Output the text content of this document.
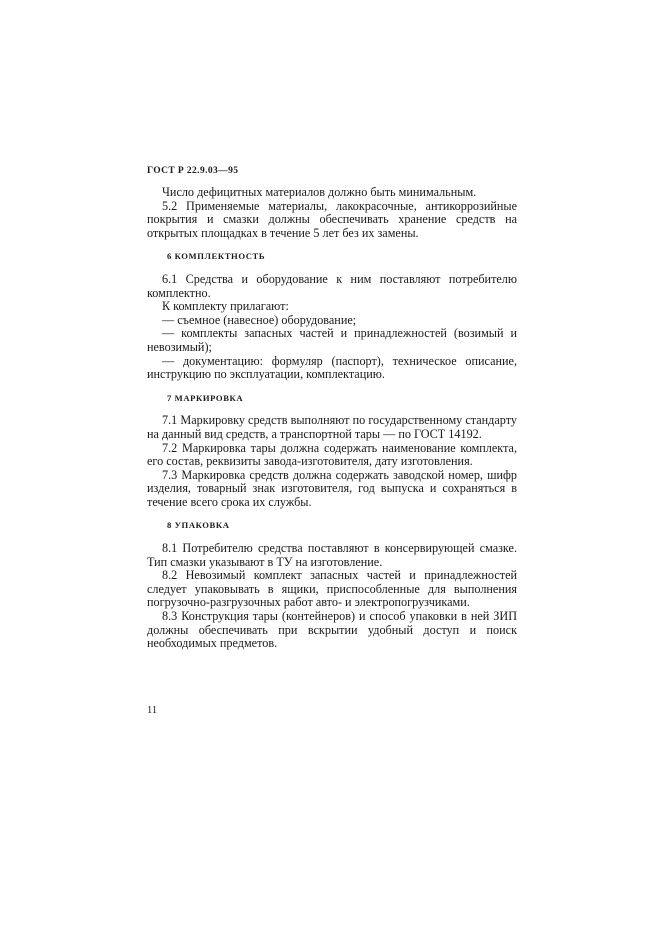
ГОСТ Р 22.9.03—95

Число дефицитных материалов должно быть минимальным.

5.2 Применяемые материалы, лакокрасочные, антикоррозийные покрытия и смазки должны обеспечивать хранение средств на открытых площадках в течение 5 лет без их замены.

6 КОМПЛЕКТНОСТЬ

6.1 Средства и оборудование к ним поставляют потребителю комплектно.

К комплекту прилагают:

— съемное (навесное) оборудование;

— комплекты запасных частей и принадлежностей (возимый и невозимый);

— документацию: формуляр (паспорт), техническое описание, инструкцию по эксплуатации, комплектацию.

7 МАРКИРОВКА

7.1 Маркировку средств выполняют по государственному стандарту на данный вид средств, а транспортной тары — по ГОСТ 14192.

7.2 Маркировка тары должна содержать наименование комплекта, его состав, реквизиты завода-изготовителя, дату изготовления.

7.3 Маркировка средств должна содержать заводской номер, шифр изделия, товарный знак изготовителя, год выпуска и сохраняться в течение всего срока их службы.

8 УПАКОВКА

8.1 Потребителю средства поставляют в консервирующей смазке. Тип смазки указывают в ТУ на изготовление.

8.2 Невозимый комплект запасных частей и принадлежностей следует упаковывать в ящики, приспособленные для выполнения погрузочно-разгрузочных работ авто- и электропогрузчиками.

8.3 Конструкция тары (контейнеров) и способ упаковки в ней ЗИП должны обеспечивать при вскрытии удобный доступ и поиск необходимых предметов.

11
